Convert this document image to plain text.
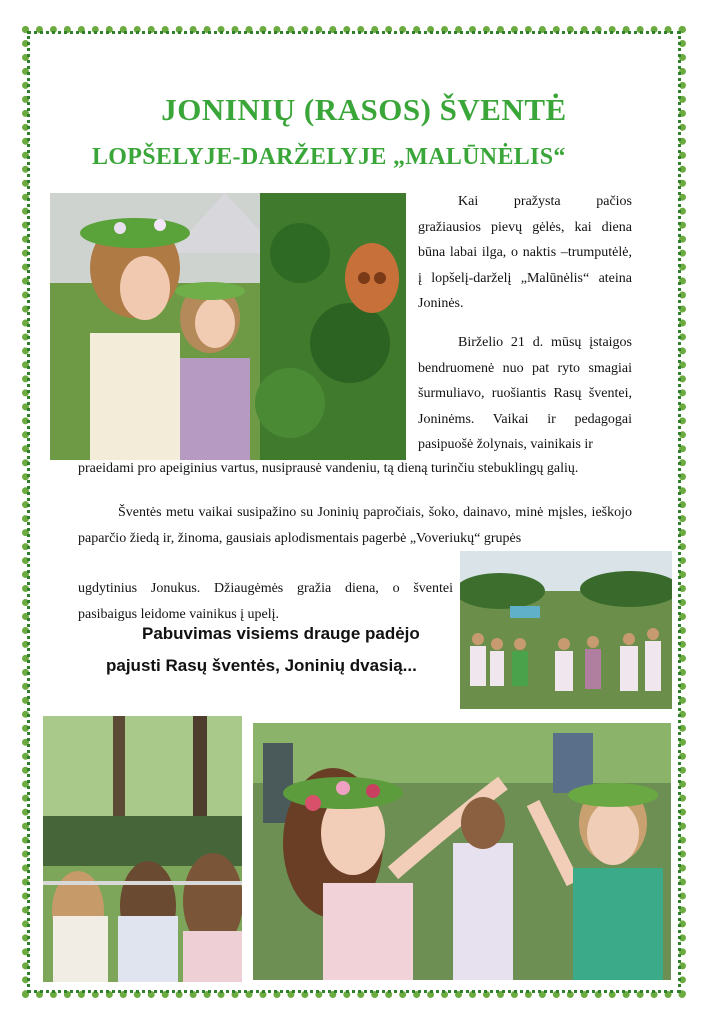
JONINIŲ (RASOS) ŠVENTĖ
LOPŠELYJE-DARŽELYJE „MALŪNĖLIS“
Kai pražysta pačios gražiausios pievų gėlės, kai diena būna labai ilga, o naktis –trumputėlė, į lopšelį-darželį „Malūnėlis“ ateina Joninės.
Birželio 21 d. mūsų įstaigos bendruomenė nuo pat ryto smagiai šurmuliavo, ruošiantis Rasų šventei, Joninėms. Vaikai ir pedagogai pasipuošė žolynais, vainikais ir
praeidami pro apeiginius vartus, nusiprausė vandeniu, tą dieną turinčiu stebuklingų galių.
Šventės metu vaikai susipažino su Joninių papročiais, šoko, dainavo, minė mįsles, ieškojo paparčio žiedą ir, žinoma, gausiais aplodismentais pagerbė „Voveriukų“ grupės
ugdytinius Jonukus. Džiaugėmės gražia diena, o šventei pasibaigus leidome vainikus į upelį.
Pabuvimas visiems drauge padėjo
pajusti Rasų šventės, Joninių dvasią...
